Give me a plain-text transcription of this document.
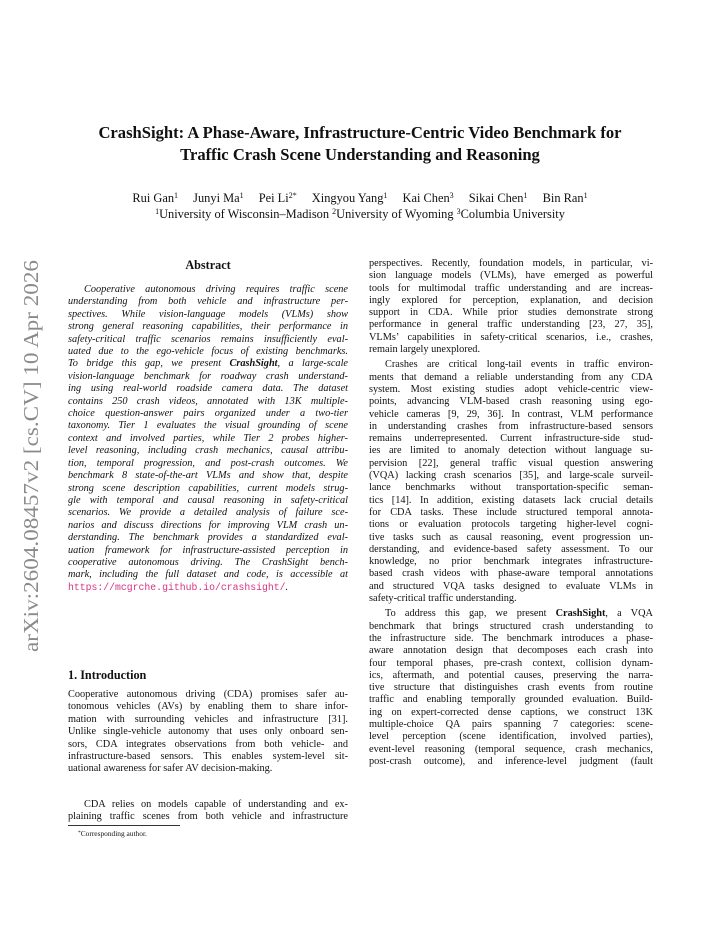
arXiv:2604.08457v2 [cs.CV] 10 Apr 2026
CrashSight: A Phase-Aware, Infrastructure-Centric Video Benchmark for
Traffic Crash Scene Understanding and Reasoning
Rui Gan$^1$ Junyi Ma$^1$ Pei $Li^{2*}$ Xingyou Yang$^1$ Kai Chen$^3$ Sikai Chen$^1$ Bin Ran$^1$
$^1$University of Wisconsin–Madison $^2$University of Wyoming $^3$Columbia University
Abstract
Cooperative autonomous driving requires traffic scene
understanding from both vehicle and infrastructure per-
spectives. While vision-language models (VLMs) show
strong general reasoning capabilities, their performance in
safety-critical traffic scenarios remains insufficiently eval-
uated due to the ego-vehicle focus of existing benchmarks.
To bridge this gap, we present CrashSight, a large-scale
vision-language benchmark for roadway crash understand-
ing using real-world roadside camera data. The dataset
contains 250 crash videos, annotated with 13K multiple-
choice question-answer pairs organized under a two-tier
taxonomy. Tier 1 evaluates the visual grounding of scene
context and involved parties, while Tier 2 probes higher-
level reasoning, including crash mechanics, causal attribu-
tion, temporal progression, and post-crash outcomes. We
benchmark 8 state-of-the-art VLMs and show that, despite
strong scene description capabilities, current models strug-
gle with temporal and causal reasoning in safety-critical
scenarios. We provide a detailed analysis of failure sce-
narios and discuss directions for improving VLM crash un-
derstanding. The benchmark provides a standardized eval-
uation framework for infrastructure-assisted perception in
cooperative autonomous driving. The CrashSight bench-
mark, including the full dataset and code, is accessible at
https://mcgrche.github.io/crashsight/.
1. Introduction
Cooperative autonomous driving (CDA) promises safer au-
tonomous vehicles (AVs) by enabling them to share infor-
mation with surrounding vehicles and infrastructure [31].
Unlike single-vehicle autonomy that uses only onboard sen-
sors, CDA integrates observations from both vehicle- and
infrastructure-based sensors. This enables system-level sit-
uational awareness for safer AV decision-making.
CDA relies on models capable of understanding and ex-
plaining traffic scenes from both vehicle and infrastructure
*Corresponding author.
perspectives. Recently, foundation models, in particular, vi-
sion language models (VLMs), have emerged as powerful
tools for multimodal traffic understanding and are increas-
ingly explored for perception, explanation, and decision
support in CDA. While prior studies demonstrate strong
performance in general traffic understanding [23, 27, 35],
VLMs’ capabilities in safety-critical scenarios, i.e., crashes,
remain largely unexplored.
Crashes are critical long-tail events in traffic environ-
ments that demand a reliable understanding from any CDA
system. Most existing studies adopt vehicle-centric view-
points, advancing VLM-based crash reasoning using ego-
vehicle cameras [9, 29, 36]. In contrast, VLM performance
in understanding crashes from infrastructure-based sensors
remains underrepresented. Current infrastructure-side stud-
ies are limited to anomaly detection without language su-
pervision [22], general traffic visual question answering
(VQA) lacking crash scenarios [35], and large-scale surveil-
lance benchmarks without transportation-specific seman-
tics [14]. In addition, existing datasets lack crucial details
for CDA tasks. These include structured temporal annota-
tions or evaluation protocols targeting higher-level cogni-
tive tasks such as causal reasoning, event progression un-
derstanding, and evidence-based safety assessment. To our
knowledge, no prior benchmark integrates infrastructure-
based crash videos with phase-aware temporal annotations
and structured VQA tasks designed to evaluate VLMs in
safety-critical traffic understanding.
To address this gap, we present CrashSight, a VQA
benchmark that brings structured crash understanding to
the infrastructure side. The benchmark introduces a phase-
aware annotation design that decomposes each crash into
four temporal phases, pre-crash context, collision dynam-
ics, aftermath, and potential causes, preserving the narra-
tive structure that distinguishes crash events from routine
traffic and enabling temporally grounded evaluation. Build-
ing on expert-corrected dense captions, we construct 13K
multiple-choice QA pairs spanning 7 categories: scene-
level perception (scene identification, involved parties),
event-level reasoning (temporal sequence, crash mechanics,
post-crash outcome), and inference-level judgment (fault
